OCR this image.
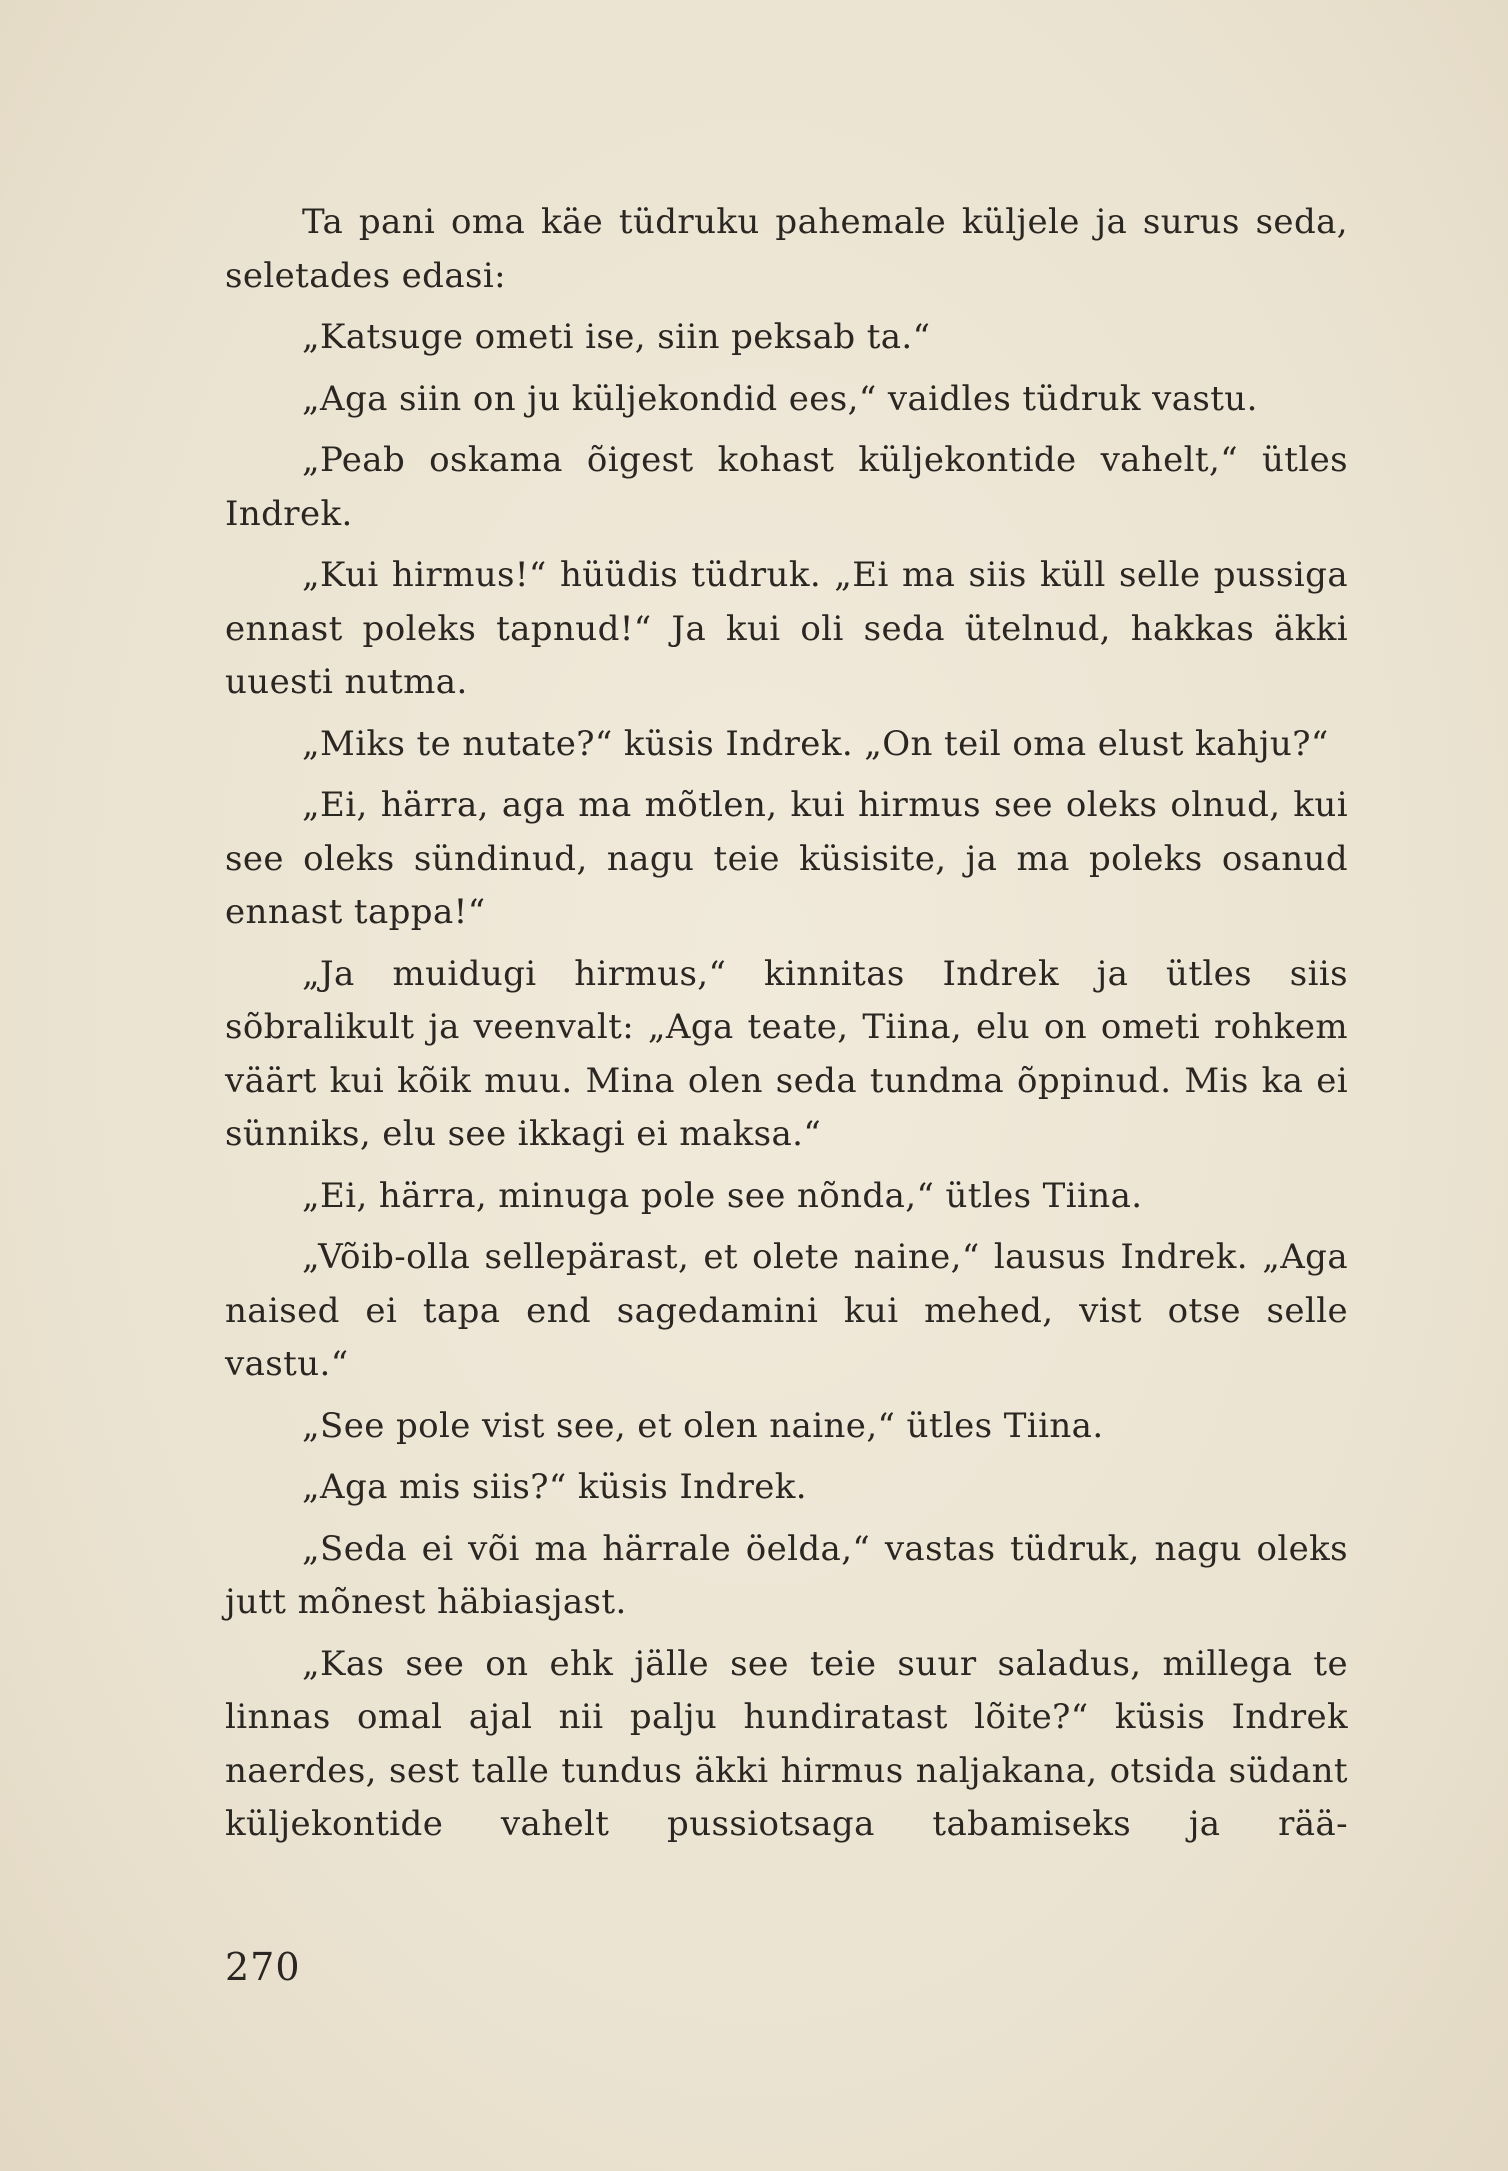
Ta pani oma käe tüdruku pahemale küljele ja surus seda, seletades edasi:

„Katsuge ometi ise, siin peksab ta.“

„Aga siin on ju küljekondid ees,“ vaidles tüdruk vastu.

„Peab oskama õigest kohast küljekontide vahelt,“ ütles Indrek.

„Kui hirmus!“ hüüdis tüdruk. „Ei ma siis küll selle pussiga ennast poleks tapnud!“ Ja kui oli seda ütelnud, hakkas äkki uuesti nutma.

„Miks te nutate?“ küsis Indrek. „On teil oma elust kahju?“

„Ei, härra, aga ma mõtlen, kui hirmus see oleks olnud, kui see oleks sündinud, nagu teie küsisite, ja ma poleks osanud ennast tappa!“

„Ja muidugi hirmus,“ kinnitas Indrek ja ütles siis sõbralikult ja veenvalt: „Aga teate, Tiina, elu on ometi rohkem väärt kui kõik muu. Mina olen seda tundma õppinud. Mis ka ei sünniks, elu see ikkagi ei maksa.“

„Ei, härra, minuga pole see nõnda,“ ütles Tiina.

„Võib-olla sellepärast, et olete naine,“ lausus Indrek. „Aga naised ei tapa end sagedamini kui mehed, vist otse selle vastu.“

„See pole vist see, et olen naine,“ ütles Tiina.

„Aga mis siis?“ küsis Indrek.

„Seda ei või ma härrale öelda,“ vastas tüdruk, nagu oleks jutt mõnest häbiasjast.

„Kas see on ehk jälle see teie suur saladus, millega te linnas omal ajal nii palju hundiratast lõite?“ küsis Indrek naerdes, sest talle tundus äkki hirmus naljakana, otsida südant küljekontide vahelt pussiotsaga tabamiseks ja rää-

270
